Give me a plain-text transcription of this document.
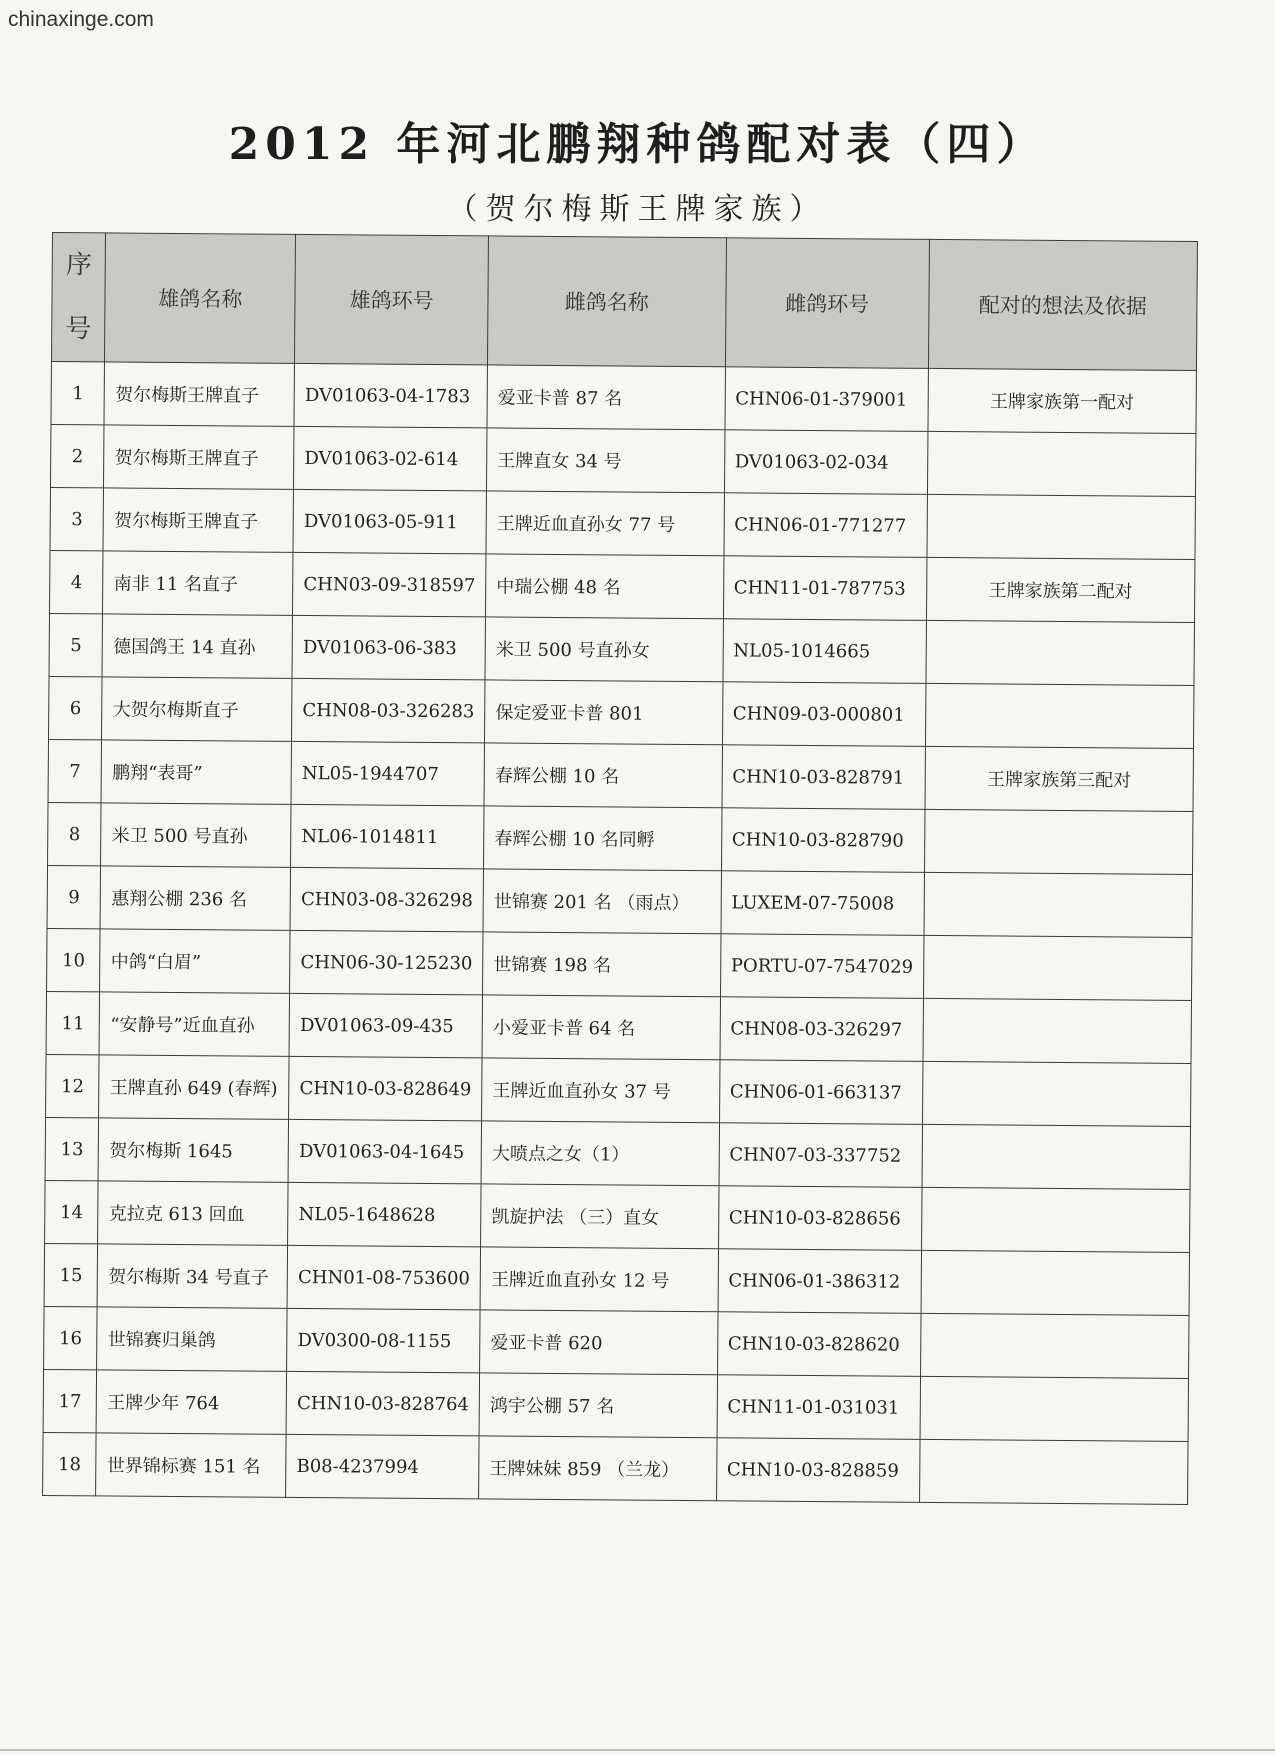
chinaxinge.com
2012 年河北鹏翔种鸽配对表（四）
（贺尔梅斯王牌家族）
序
号	雄鸽名称	雄鸽环号	雌鸽名称	雌鸽环号	配对的想法及依据
1	贺尔梅斯王牌直子	DV01063-04-1783	爱亚卡普 87 名	CHN06-01-379001	王牌家族第一配对
2	贺尔梅斯王牌直子	DV01063-02-614	王牌直女 34 号	DV01063-02-034	
3	贺尔梅斯王牌直子	DV01063-05-911	王牌近血直孙女 77 号	CHN06-01-771277	
4	南非 11 名直子	CHN03-09-318597	中瑞公棚 48 名	CHN11-01-787753	王牌家族第二配对
5	德国鸽王 14 直孙	DV01063-06-383	米卫 500 号直孙女	NL05-1014665	
6	大贺尔梅斯直子	CHN08-03-326283	保定爱亚卡普 801	CHN09-03-000801	
7	鹏翔“表哥”	NL05-1944707	春辉公棚 10 名	CHN10-03-828791	王牌家族第三配对
8	米卫 500 号直孙	NL06-1014811	春辉公棚 10 名同孵	CHN10-03-828790	
9	惠翔公棚 236 名	CHN03-08-326298	世锦赛 201 名 （雨点）	LUXEM-07-75008	
10	中鸽“白眉”	CHN06-30-125230	世锦赛 198 名	PORTU-07-7547029	
11	“安静号”近血直孙	DV01063-09-435	小爱亚卡普 64 名	CHN08-03-326297	
12	王牌直孙 649 (春辉)	CHN10-03-828649	王牌近血直孙女 37 号	CHN06-01-663137	
13	贺尔梅斯 1645	DV01063-04-1645	大喷点之女（1）	CHN07-03-337752	
14	克拉克 613 回血	NL05-1648628	凯旋护法 （三）直女	CHN10-03-828656	
15	贺尔梅斯 34 号直子	CHN01-08-753600	王牌近血直孙女 12 号	CHN06-01-386312	
16	世锦赛归巢鸽	DV0300-08-1155	爱亚卡普 620	CHN10-03-828620	
17	王牌少年 764	CHN10-03-828764	鸿宇公棚 57 名	CHN11-01-031031	
18	世界锦标赛 151 名	B08-4237994	王牌妹妹 859 （兰龙）	CHN10-03-828859	
